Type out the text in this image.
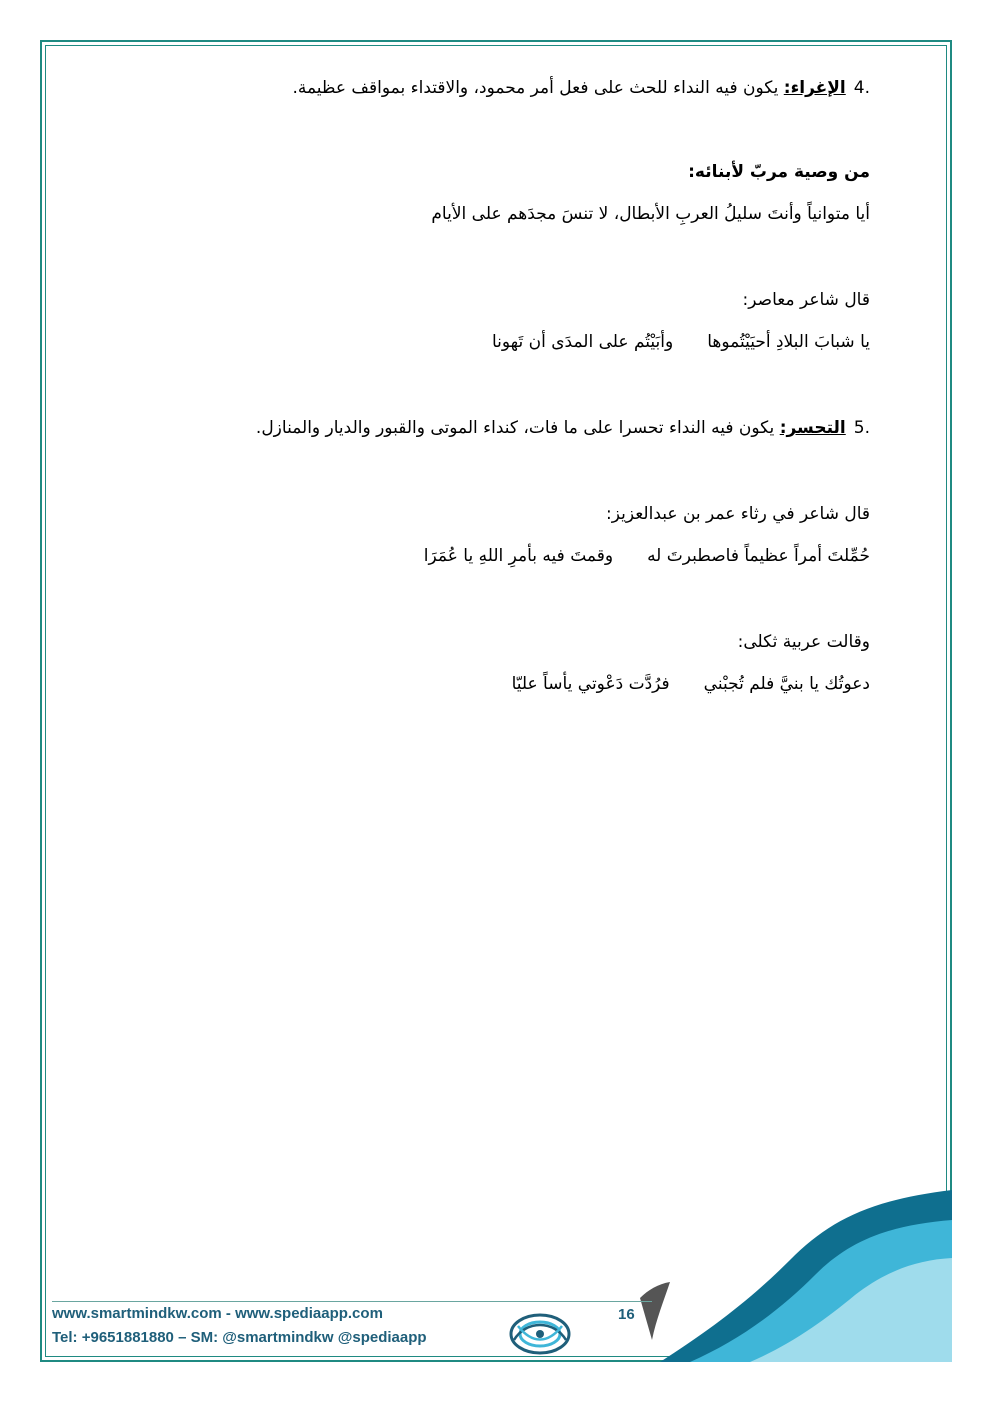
.4الإغراء: يكون فيه النداء للحث على فعل أمر محمود، والاقتداء بمواقف عظيمة.
من وصية مربّ لأبنائه:
أيا متوانياً وأنتَ سليلُ العربِ الأبطال، لا تنسَ مجدَهم على الأيام
قال شاعر معاصر:
يا شبابَ البلادِ أحيَيْتُموهاوأبَيْتُم على المدَى أن تَهونا
.5التحسر: يكون فيه النداء تحسرا على ما فات، كنداء الموتى والقبور والديار والمنازل.
قال شاعر في رثاء عمر بن عبدالعزيز:
حُمِّلتَ أمراً عظيماً فاصطبرتَ لهوقمتَ فيه بأمرِ اللهِ يا عُمَرَا
وقالت عربية ثكلى:
دعوتُك يا بنيَّ فلم تُجبْنيفرُدَّت دَعْوتي يأساً عليّا
www.smartmindkw.com - www.spediaapp.com
Tel: +9651881880 – SM: @smartmindkw @spediaapp
16
